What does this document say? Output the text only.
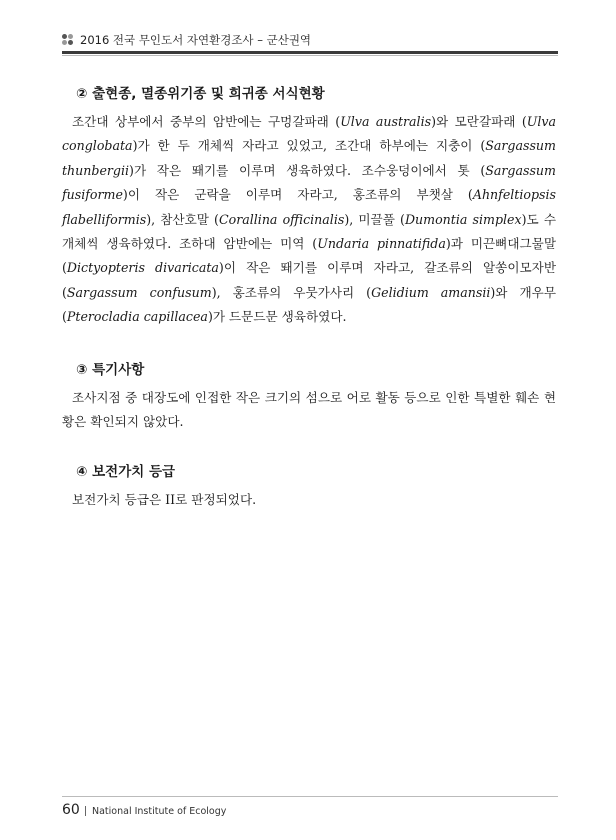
2016 전국 무인도서 자연환경조사 – 군산권역
② 출현종, 멸종위기종 및 희귀종 서식현황

조간대 상부에서 중부의 암반에는 구멍갈파래 (Ulva australis)와 모란갈파래 (Ulva conglobata)가 한 두 개체씩 자라고 있었고, 조간대 하부에는 지충이 (Sargassum thunbergii)가 작은 뙈기를 이루며 생육하였다. 조수웅덩이에서 톳 (Sargassum fusiforme)이 작은 군락을 이루며 자라고, 홍조류의 부챗살 (Ahnfeltiopsis flabelliformis), 참산호말 (Corallina officinalis), 미끌풀 (Dumontia simplex)도 수 개체씩 생육하였다. 조하대 암반에는 미역 (Undaria pinnatifida)과 미끈뼈대그물말 (Dictyopteris divaricata)이 작은 뙈기를 이루며 자라고, 갈조류의 알쏭이모자반 (Sargassum confusum), 홍조류의 우뭇가사리 (Gelidium amansii)와 개우무 (Pterocladia capillacea)가 드문드문 생육하였다.

③ 특기사항

조사지점 중 대장도에 인접한 작은 크기의 섬으로 어로 활동 등으로 인한 특별한 훼손 현황은 확인되지 않았다.

④ 보전가치 등급

보전가치 등급은 II로 판정되었다.

60 National Institute of Ecology
